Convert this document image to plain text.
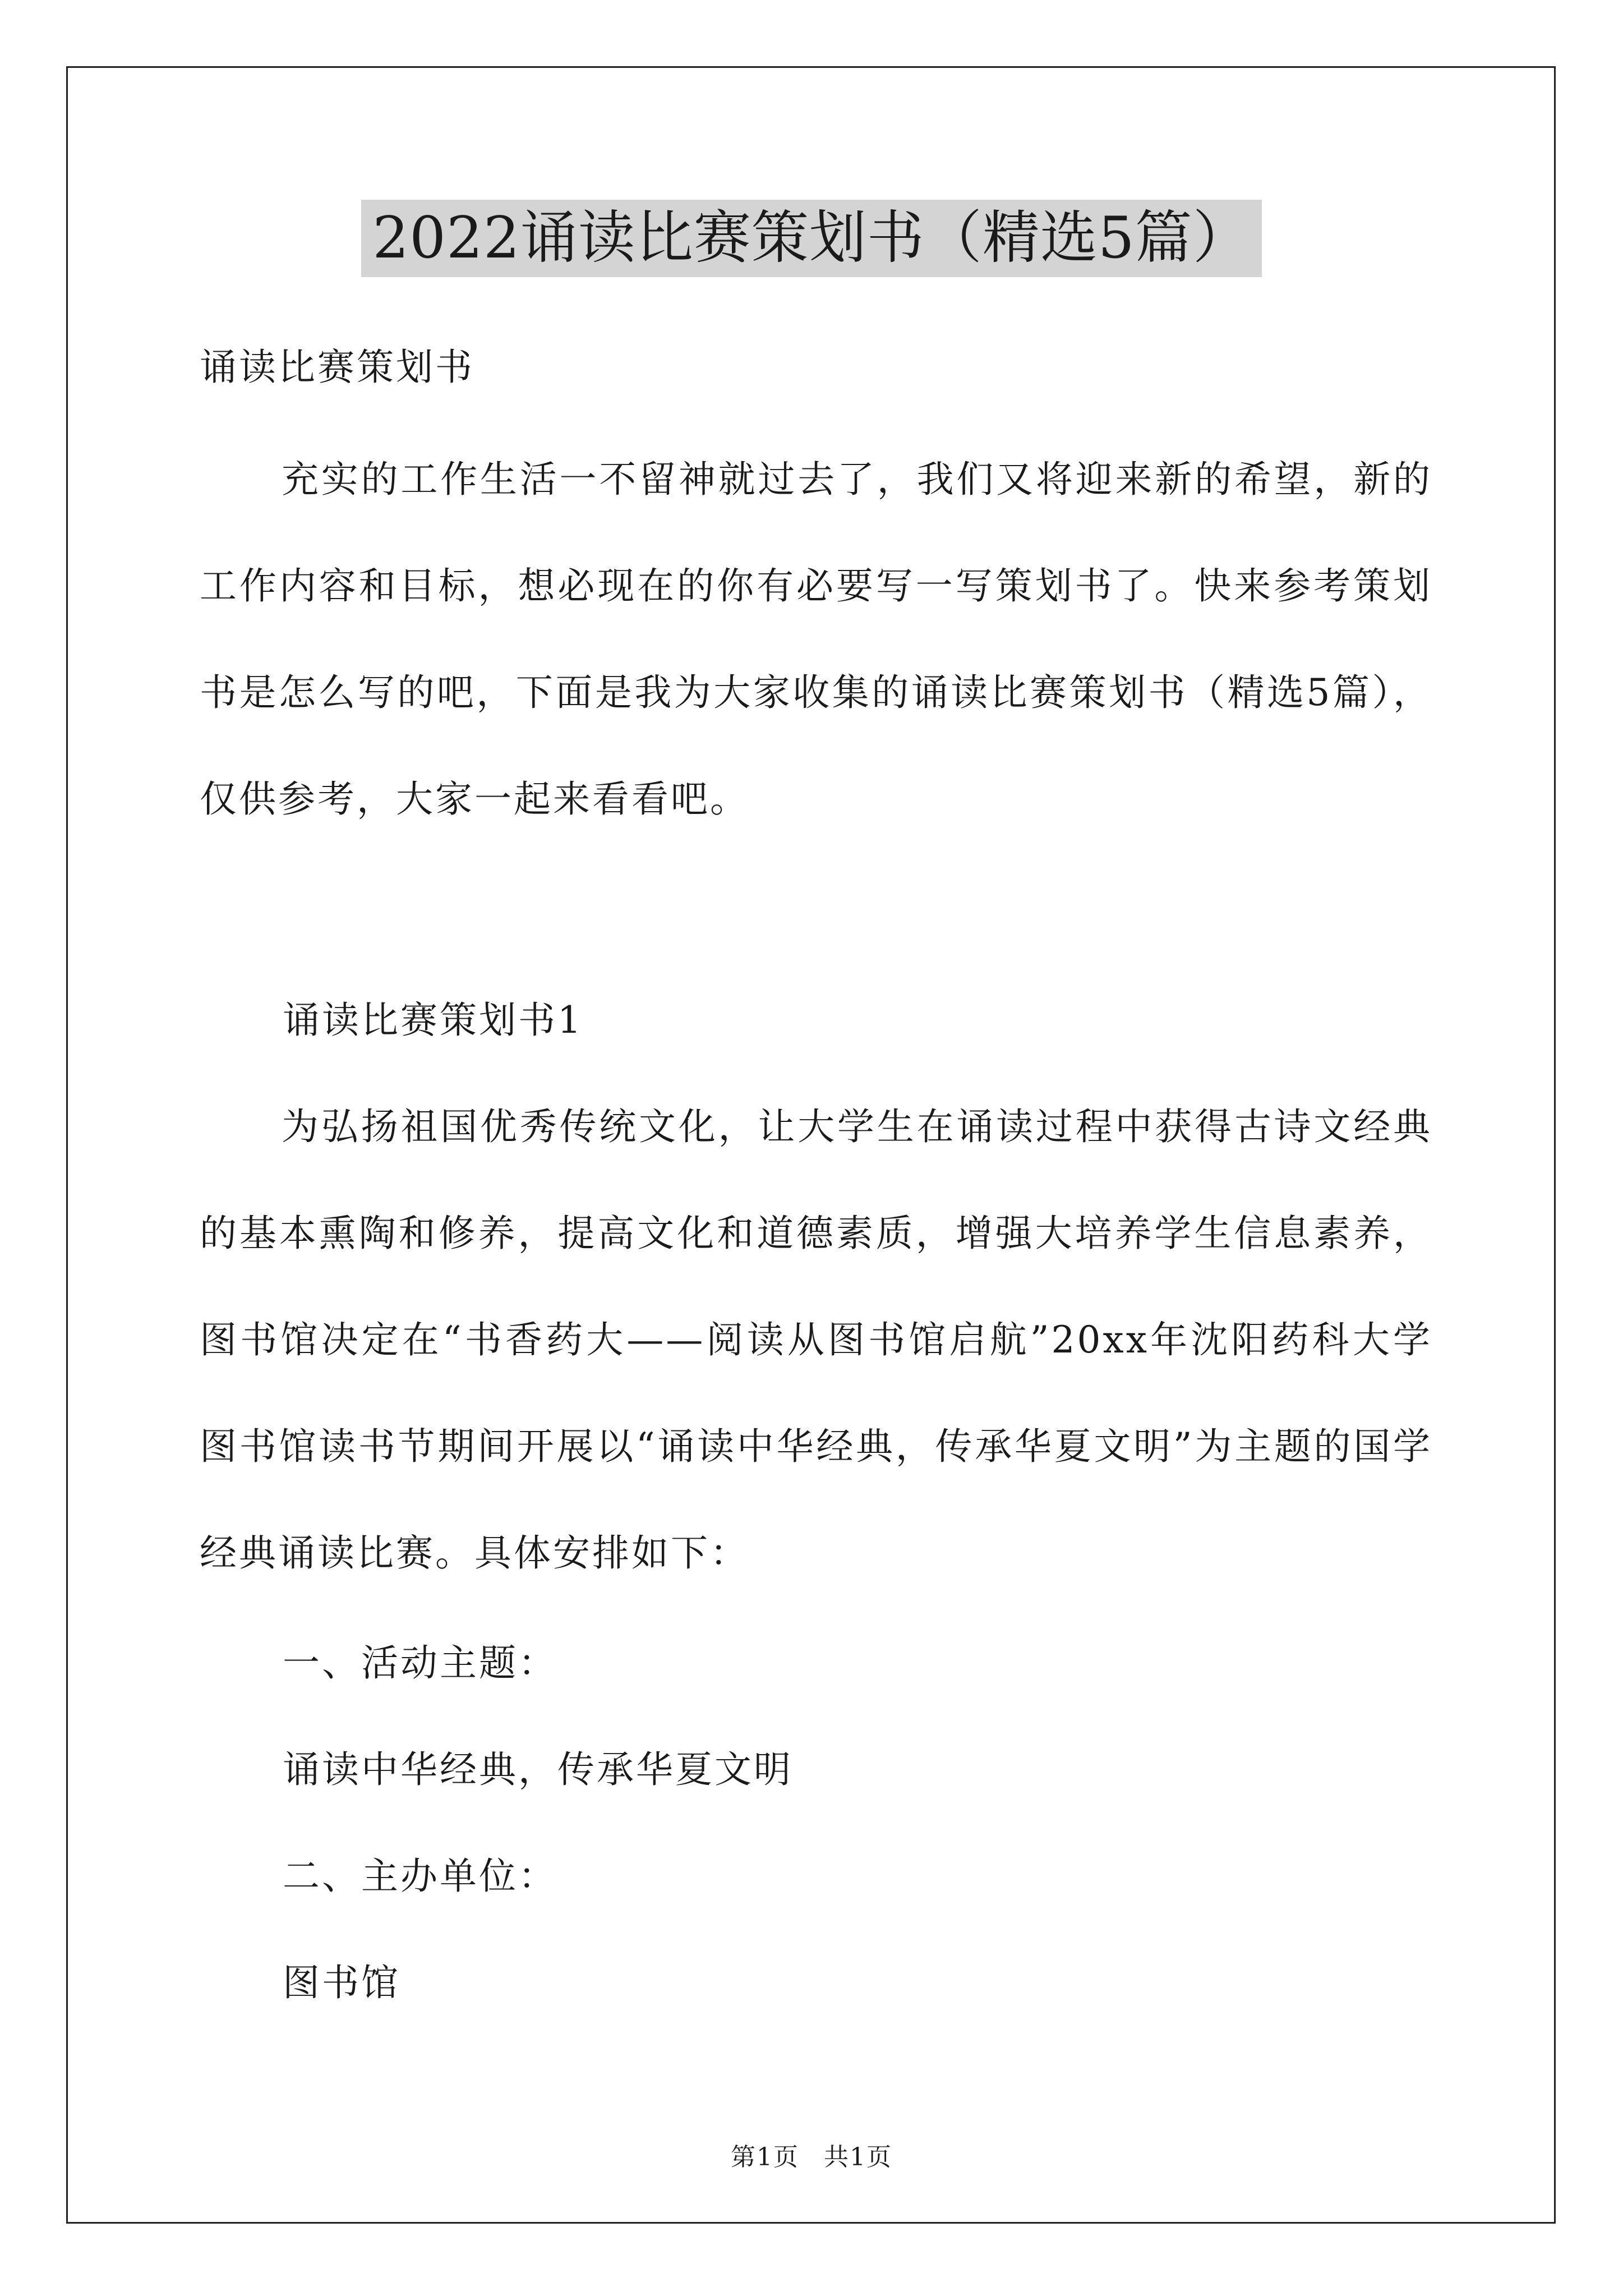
2022诵读比赛策划书（精选5篇）

诵读比赛策划书

充实的工作生活一不留神就过去了，我们又将迎来新的希望，新的工作内容和目标，想必现在的你有必要写一写策划书了。快来参考策划书是怎么写的吧，下面是我为大家收集的诵读比赛策划书（精选5篇），仅供参考，大家一起来看看吧。

诵读比赛策划书1

为弘扬祖国优秀传统文化，让大学生在诵读过程中获得古诗文经典的基本熏陶和修养，提高文化和道德素质，增强大培养学生信息素养，图书馆决定在“书香药大——阅读从图书馆启航”20xx年沈阳药科大学图书馆读书节期间开展以“诵读中华经典，传承华夏文明”为主题的国学经典诵读比赛。具体安排如下：

一、活动主题：

诵读中华经典，传承华夏文明

二、主办单位：

图书馆

第1页 共1页
